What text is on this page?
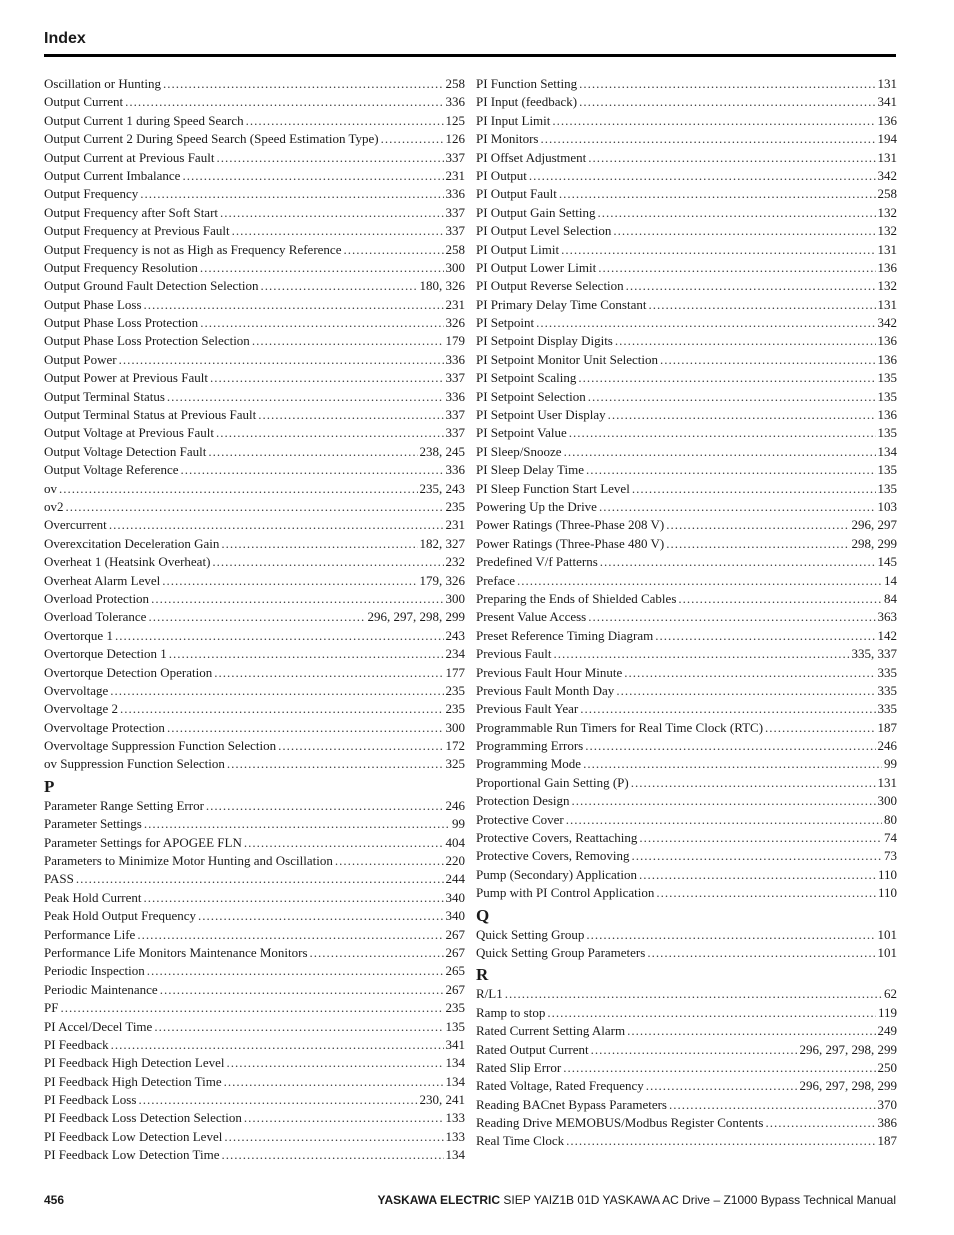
Index
Oscillation or Hunting .....	258
Output Current .....	336
Output Current 1 during Speed Search .....	125
Output Current 2 During Speed Search (Speed Estimation Type) .....	126
Output Current at Previous Fault .....	337
Output Current Imbalance .....	231
Output Frequency .....	336
Output Frequency after Soft Start .....	337
Output Frequency at Previous Fault .....	337
Output Frequency is not as High as Frequency Reference .....	258
Output Frequency Resolution .....	300
Output Ground Fault Detection Selection .....	180, 326
Output Phase Loss .....	231
Output Phase Loss Protection .....	326
Output Phase Loss Protection Selection .....	179
Output Power .....	336
Output Power at Previous Fault .....	337
Output Terminal Status .....	336
Output Terminal Status at Previous Fault .....	337
Output Voltage at Previous Fault .....	337
Output Voltage Detection Fault .....	238, 245
Output Voltage Reference .....	336
ov .....	235, 243
ov2 .....	235
Overcurrent .....	231
Overexcitation Deceleration Gain .....	182, 327
Overheat 1 (Heatsink Overheat) .....	232
Overheat Alarm Level .....	179, 326
Overload Protection .....	300
Overload Tolerance .....	296, 297, 298, 299
Overtorque 1 .....	243
Overtorque Detection 1 .....	234
Overtorque Detection Operation .....	177
Overvoltage .....	235
Overvoltage 2 .....	235
Overvoltage Protection .....	300
Overvoltage Suppression Function Selection .....	172
ov Suppression Function Selection .....	325
P
Parameter Range Setting Error .....	246
Parameter Settings .....	99
Parameter Settings for APOGEE FLN .....	404
Parameters to Minimize Motor Hunting and Oscillation .....	220
PASS .....	244
Peak Hold Current .....	340
Peak Hold Output Frequency .....	340
Performance Life .....	267
Performance Life Monitors Maintenance Monitors .....	267
Periodic Inspection .....	265
Periodic Maintenance .....	267
PF .....	235
PI Accel/Decel Time .....	135
PI Feedback .....	341
PI Feedback High Detection Level .....	134
PI Feedback High Detection Time .....	134
PI Feedback Loss .....	230, 241
PI Feedback Loss Detection Selection .....	133
PI Feedback Low Detection Level .....	133
PI Feedback Low Detection Time .....	134
PI Function Setting .....	131
PI Input (feedback) .....	341
PI Input Limit .....	136
PI Monitors .....	194
PI Offset Adjustment .....	131
PI Output .....	342
PI Output Fault .....	258
PI Output Gain Setting .....	132
PI Output Level Selection .....	132
PI Output Limit .....	131
PI Output Lower Limit .....	136
PI Output Reverse Selection .....	132
PI Primary Delay Time Constant .....	131
PI Setpoint .....	342
PI Setpoint Display Digits .....	136
PI Setpoint Monitor Unit Selection .....	136
PI Setpoint Scaling .....	135
PI Setpoint Selection .....	135
PI Setpoint User Display .....	136
PI Setpoint Value .....	135
PI Sleep/Snooze .....	134
PI Sleep Delay Time .....	135
PI Sleep Function Start Level .....	135
Powering Up the Drive .....	103
Power Ratings (Three-Phase 208 V) .....	296, 297
Power Ratings (Three-Phase 480 V) .....	298, 299
Predefined V/f Patterns .....	145
Preface .....	14
Preparing the Ends of Shielded Cables .....	84
Present Value Access .....	363
Preset Reference Timing Diagram .....	142
Previous Fault .....	335, 337
Previous Fault Hour Minute .....	335
Previous Fault Month Day .....	335
Previous Fault Year .....	335
Programmable Run Timers for Real Time Clock (RTC) .....	187
Programming Errors .....	246
Programming Mode .....	99
Proportional Gain Setting (P) .....	131
Protection Design .....	300
Protective Cover .....	80
Protective Covers, Reattaching .....	74
Protective Covers, Removing .....	73
Pump (Secondary) Application .....	110
Pump with PI Control Application .....	110
Q
Quick Setting Group .....	101
Quick Setting Group Parameters .....	101
R
R/L1 .....	62
Ramp to stop .....	119
Rated Current Setting Alarm .....	249
Rated Output Current .....	296, 297, 298, 299
Rated Slip Error .....	250
Rated Voltage, Rated Frequency .....	296, 297, 298, 299
Reading BACnet Bypass Parameters .....	370
Reading Drive MEMOBUS/Modbus Register Contents .....	386
Real Time Clock .....	187
456	YASKAWA ELECTRIC SIEP YAIZ1B 01D YASKAWA AC Drive – Z1000 Bypass Technical Manual
